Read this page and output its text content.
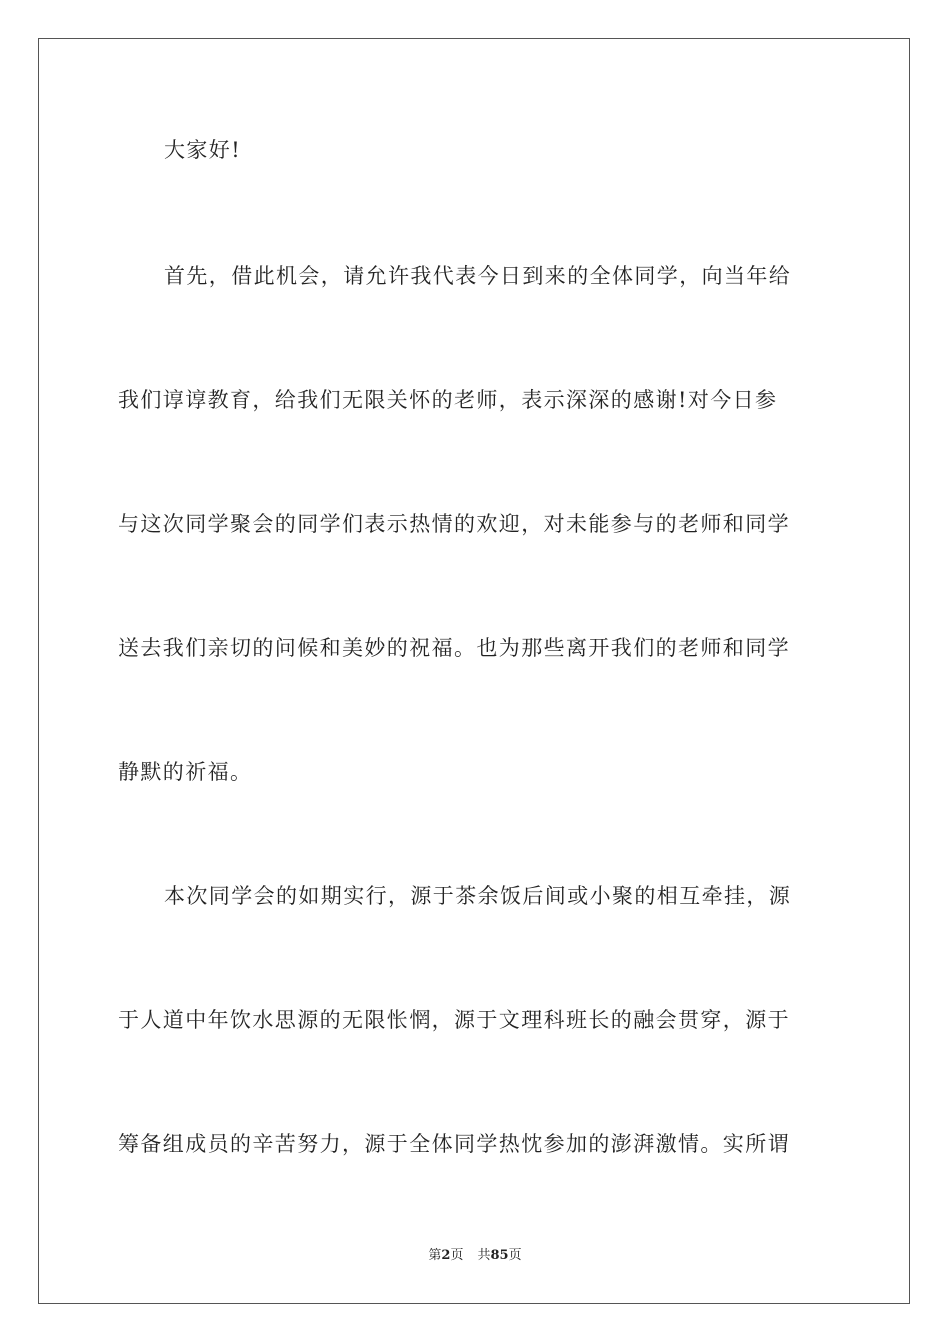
大家好!
首先，借此机会，请允许我代表今日到来的全体同学，向当年给
我们谆谆教育，给我们无限关怀的老师，表示深深的感谢!对今日参
与这次同学聚会的同学们表示热情的欢迎，对未能参与的老师和同学
送去我们亲切的问候和美妙的祝福。也为那些离开我们的老师和同学
静默的祈福。
本次同学会的如期实行，源于茶余饭后间或小聚的相互牵挂，源
于人道中年饮水思源的无限怅惘，源于文理科班长的融会贯穿，源于
筹备组成员的辛苦努力，源于全体同学热忱参加的澎湃激情。实所谓
第2页 共85页
